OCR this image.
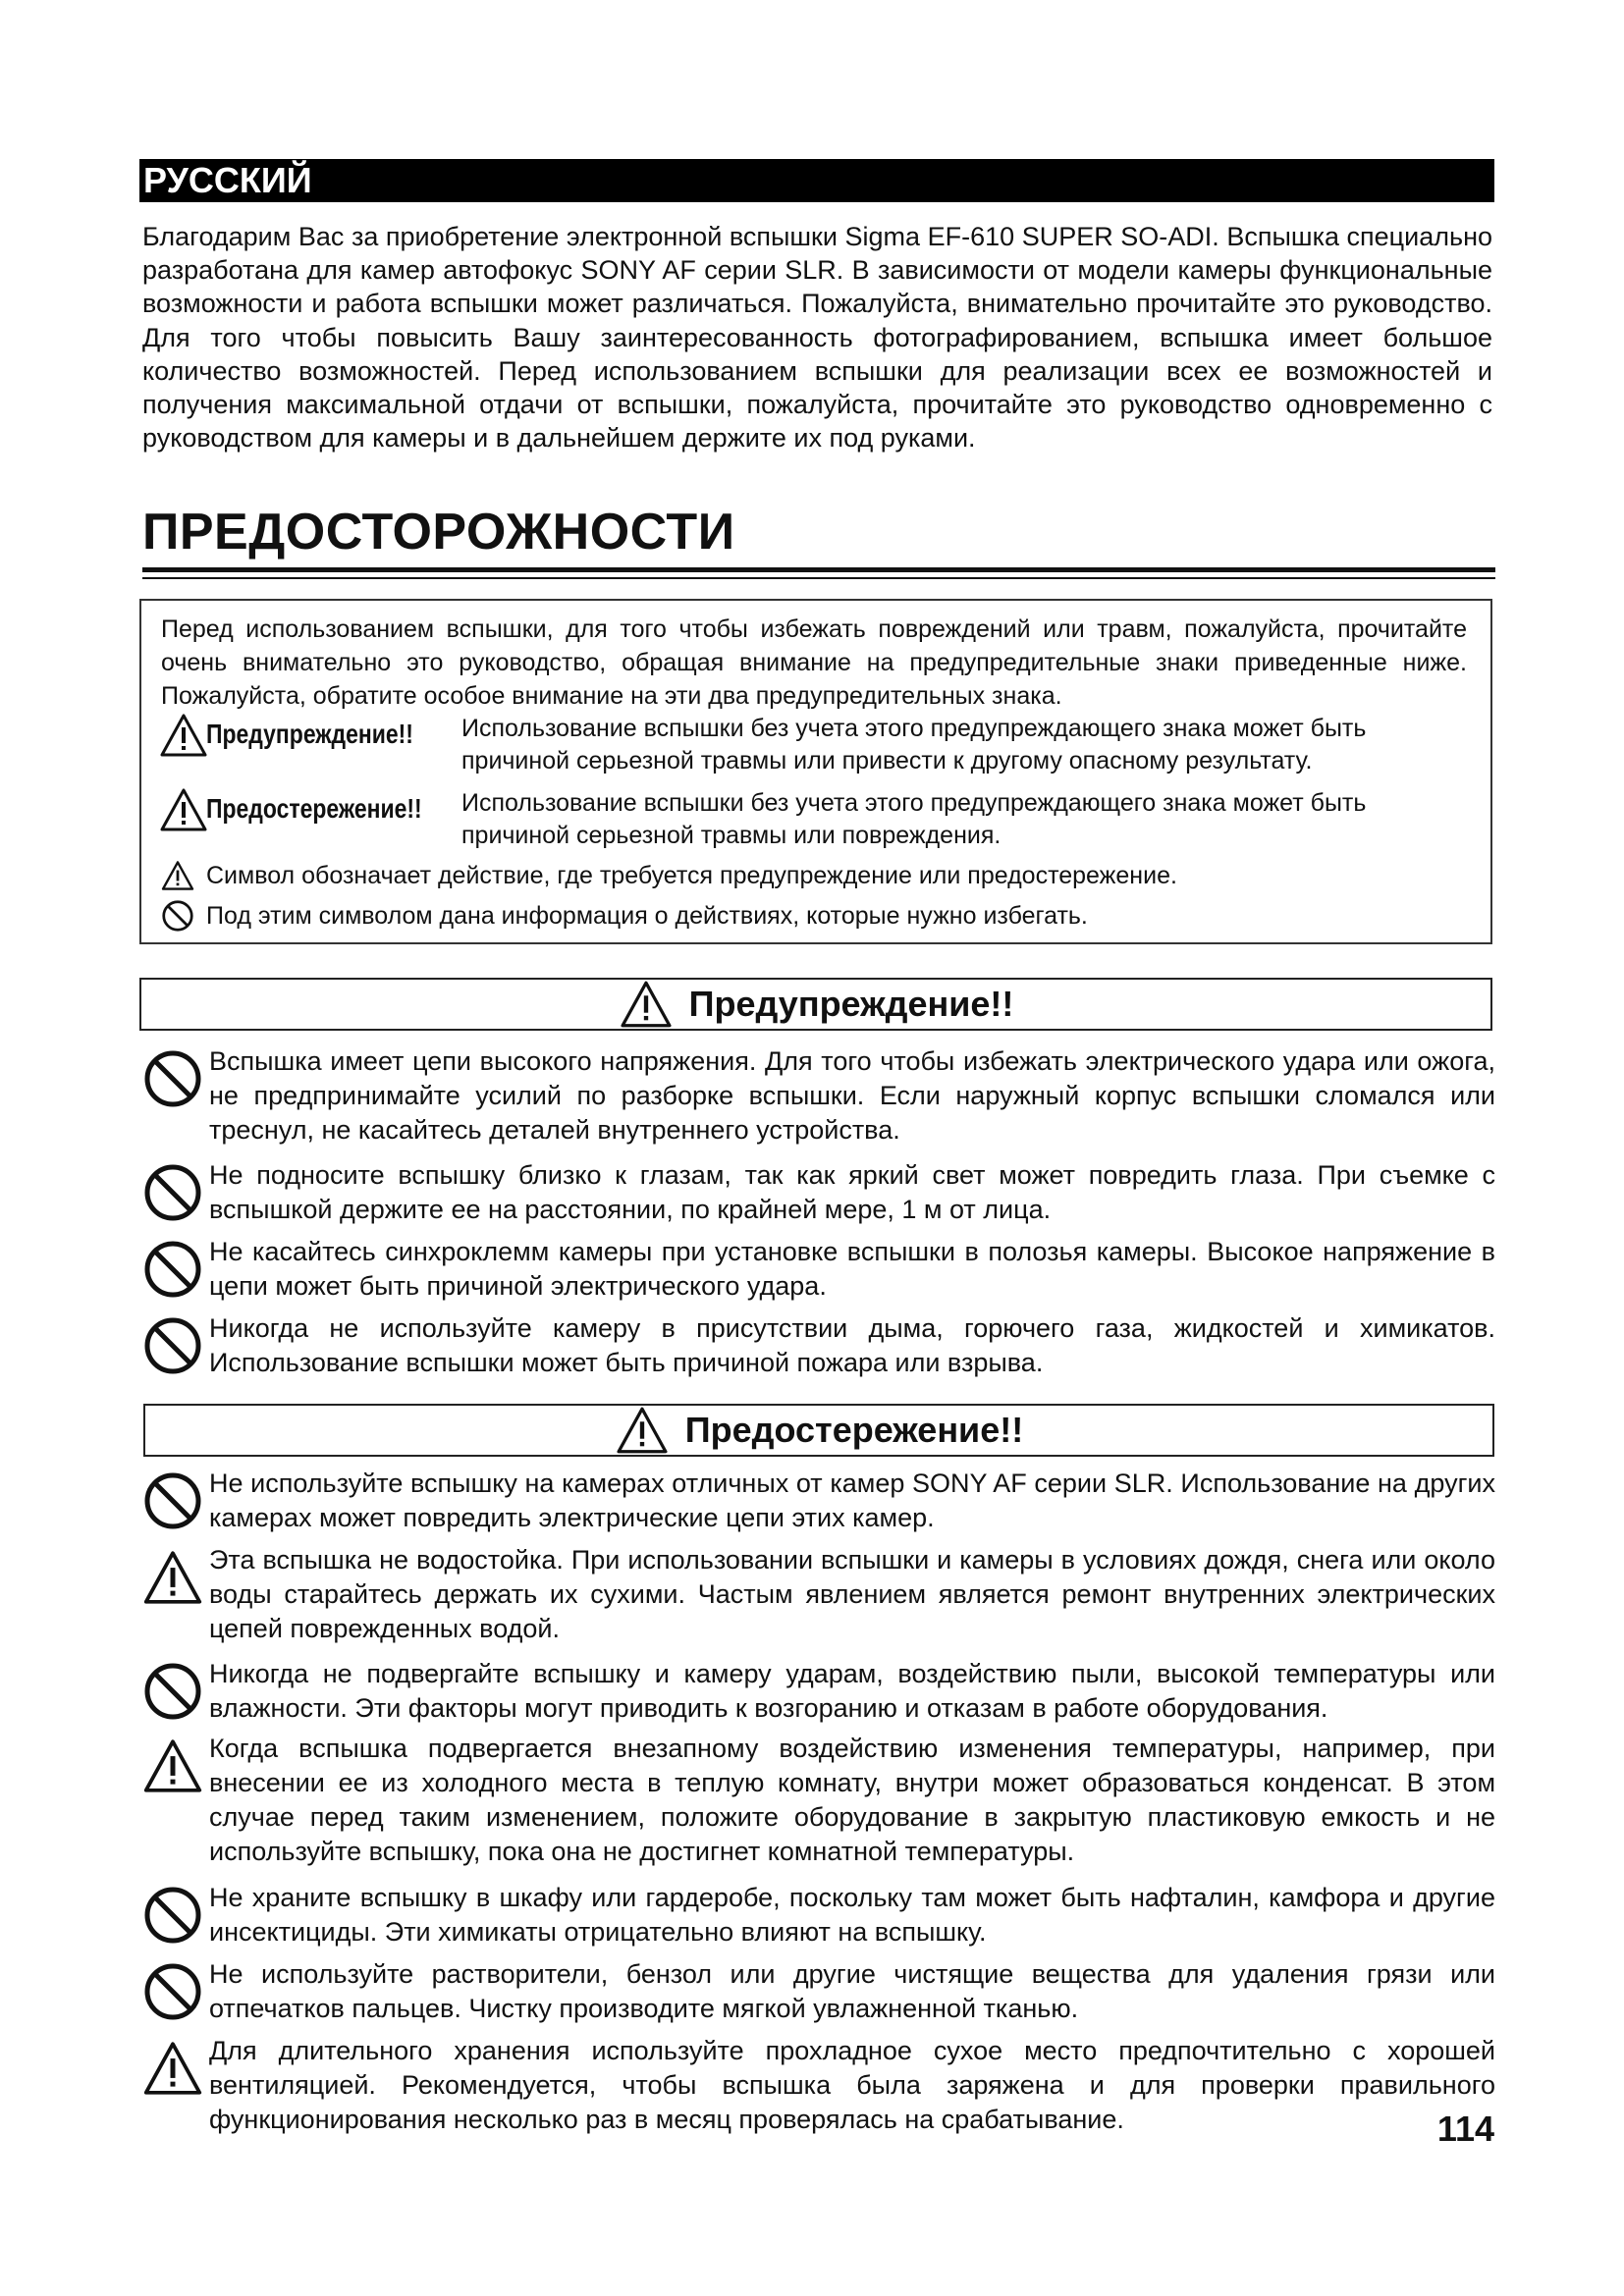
РУССКИЙ

Благодарим Вас за приобретение электронной вспышки Sigma EF-610 SUPER SO-ADI. Вспышка специально разработана для камер автофокус SONY AF серии SLR. В зависимости от модели камеры функциональные возможности и работа вспышки может различаться. Пожалуйста, внимательно прочитайте это руководство. Для того чтобы повысить Вашу заинтересованность фотографированием, вспышка имеет большое количество возможностей. Перед использованием вспышки для реализации всех ее возможностей и получения максимальной отдачи от вспышки, пожалуйста, прочитайте это руководство одновременно с руководством для камеры и в дальнейшем держите их под руками.

ПРЕДОСТОРОЖНОСТИ

Перед использованием вспышки, для того чтобы избежать повреждений или травм, пожалуйста, прочитайте очень внимательно это руководство, обращая внимание на предупредительные знаки приведенные ниже. Пожалуйста, обратите особое внимание на эти два предупредительных знака.

Предупреждение!! Использование вспышки без учета этого предупреждающего знака может быть причиной серьезной травмы или привести к другому опасному результату.
Предостережение!! Использование вспышки без учета этого предупреждающего знака может быть причиной серьезной травмы или повреждения.
Символ обозначает действие, где требуется предупреждение или предостережение.
Под этим символом дана информация о действиях, которые нужно избегать.
Предупреждение!!

Вспышка имеет цепи высокого напряжения. Для того чтобы избежать электрического удара или ожога, не предпринимайте усилий по разборке вспышки. Если наружный корпус вспышки сломался или треснул, не касайтесь деталей внутреннего устройства.

Не подносите вспышку близко к глазам, так как яркий свет может повредить глаза. При съемке с вспышкой держите ее на расстоянии, по крайней мере, 1 м от лица.

Не касайтесь синхроклемм камеры при установке вспышки в полозья камеры. Высокое напряжение в цепи может быть причиной электрического удара.

Никогда не используйте камеру в присутствии дыма, горючего газа, жидкостей и химикатов. Использование вспышки может быть причиной пожара или взрыва.

Предостережение!!

Не используйте вспышку на камерах отличных от камер SONY AF серии SLR. Использование на других камерах может повредить электрические цепи этих камер.

Эта вспышка не водостойка. При использовании вспышки и камеры в условиях дождя, снега или около воды старайтесь держать их сухими. Частым явлением является ремонт внутренних электрических цепей поврежденных водой.

Никогда не подвергайте вспышку и камеру ударам, воздействию пыли, высокой температуры или влажности. Эти факторы могут приводить к возгоранию и отказам в работе оборудования.

Когда вспышка подвергается внезапному воздействию изменения температуры, например, при внесении ее из холодного места в теплую комнату, внутри может образоваться конденсат. В этом случае перед таким изменением, положите оборудование в закрытую пластиковую емкость и не используйте вспышку, пока она не достигнет комнатной температуры.

Не храните вспышку в шкафу или гардеробе, поскольку там может быть нафталин, камфора и другие инсектициды. Эти химикаты отрицательно влияют на вспышку.

Не используйте растворители, бензол или другие чистящие вещества для удаления грязи или отпечатков пальцев. Чистку производите мягкой увлажненной тканью.

Для длительного хранения используйте прохладное сухое место предпочтительно с хорошей вентиляцией. Рекомендуется, чтобы вспышка была заряжена и для проверки правильного функционирования несколько раз в месяц проверялась на срабатывание.	114
